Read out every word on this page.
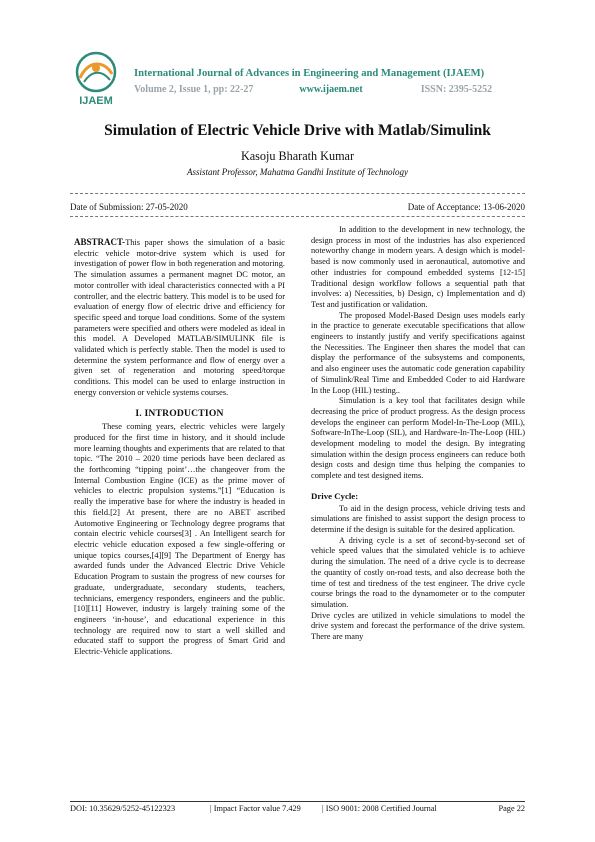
IJAEM
International Journal of Advances in Engineering and Management (IJAEM)
Volume 2, Issue 1, pp: 22-27	www.ijaem.net	ISSN: 2395-5252
Simulation of Electric Vehicle Drive with Matlab/Simulink
Kasoju Bharath Kumar
Assistant Professor, Mahatma Gandhi Institute of Technology
Date of Submission: 27-05-2020	Date of Acceptance: 13-06-2020

ABSTRACT-This paper shows the simulation of a basic electric vehicle motor-drive system which is used for investigation of power flow in both regeneration and motoring. The simulation assumes a permanent magnet DC motor, an motor controller with ideal characteristics connected with a PI controller, and the electric battery. This model is to be used for evaluation of energy flow of electric drive and efficiency for specific speed and torque load conditions. Some of the system parameters were specified and others were modeled as ideal in this model. A Developed MATLAB/SIMULINK file is validated which is perfectly stable. Then the model is used to determine the system performance and flow of energy over a given set of regeneration and motoring speed/torque conditions. This model can be used to enlarge instruction in energy conversion or vehicle systems courses.

I. INTRODUCTION

These coming years, electric vehicles were largely produced for the first time in history, and it should include more learning thoughts and experiments that are related to that topic. “The 2010 – 2020 time periods have been declared as the forthcoming “tipping point’…the changeover from the Internal Combustion Engine (ICE) as the prime mover of vehicles to electric propulsion systems.”[1] “Education is really the imperative base for where the industry is headed in this field.[2] At present, there are no ABET ascribed Automotive Engineering or Technology degree programs that contain electric vehicle courses[3] . An Intelligent search for electric vehicle education exposed a few single-offering or unique topics courses,[4][9] The Department of Energy has awarded funds under the Advanced Electric Drive Vehicle Education Program to sustain the progress of new courses for graduate, undergraduate, secondary students, teachers, technicians, emergency responders, engineers and the public.[10][11] However, industry is largely training some of the engineers ‘in-house’, and educational experience in this technology are required now to start a well skilled and educated staff to support the progress of Smart Grid and Electric-Vehicle applications.

In addition to the development in new technology, the design process in most of the industries has also experienced noteworthy change in modern years. A design which is model-based is now commonly used in aeronautical, automotive and other industries for compound embedded systems [12-15] Traditional design workflow follows a sequential path that involves: a) Necessities, b) Design, c) Implementation and d) Test and justification or validation.

The proposed Model-Based Design uses models early in the practice to generate executable specifications that allow engineers to instantly justify and verify specifications against the Necessities. The Engineer then shares the model that can display the performance of the subsystems and components, and also engineer uses the automatic code generation capability of Simulink/Real Time and Embedded Coder to aid Hardware In the Loop (HIL) testing..

Simulation is a key tool that facilitates design while decreasing the price of product progress. As the design process develops the engineer can perform Model-In-The-Loop (MIL), Software-InThe-Loop (SIL), and Hardware-In-The-Loop (HIL) development modeling to model the design. By integrating simulation within the design process engineers can reduce both design costs and design time thus helping the companies to complete and test designed items.

Drive Cycle:

To aid in the design process, vehicle driving tests and simulations are finished to assist support the design process to determine if the design is suitable for the desired application.

A driving cycle is a set of second-by-second set of vehicle speed values that the simulated vehicle is to achieve during the simulation. The need of a drive cycle is to decrease the quantity of costly on-road tests, and also decrease both the time of test and tiredness of the test engineer. The drive cycle course brings the road to the dynamometer or to the computer simulation.

Drive cycles are utilized in vehicle simulations to model the drive system and forecast the performance of the drive system. There are many

DOI: 10.35629/5252-45122323	| Impact Factor value 7.429	| ISO 9001: 2008 Certified Journal	Page 22
